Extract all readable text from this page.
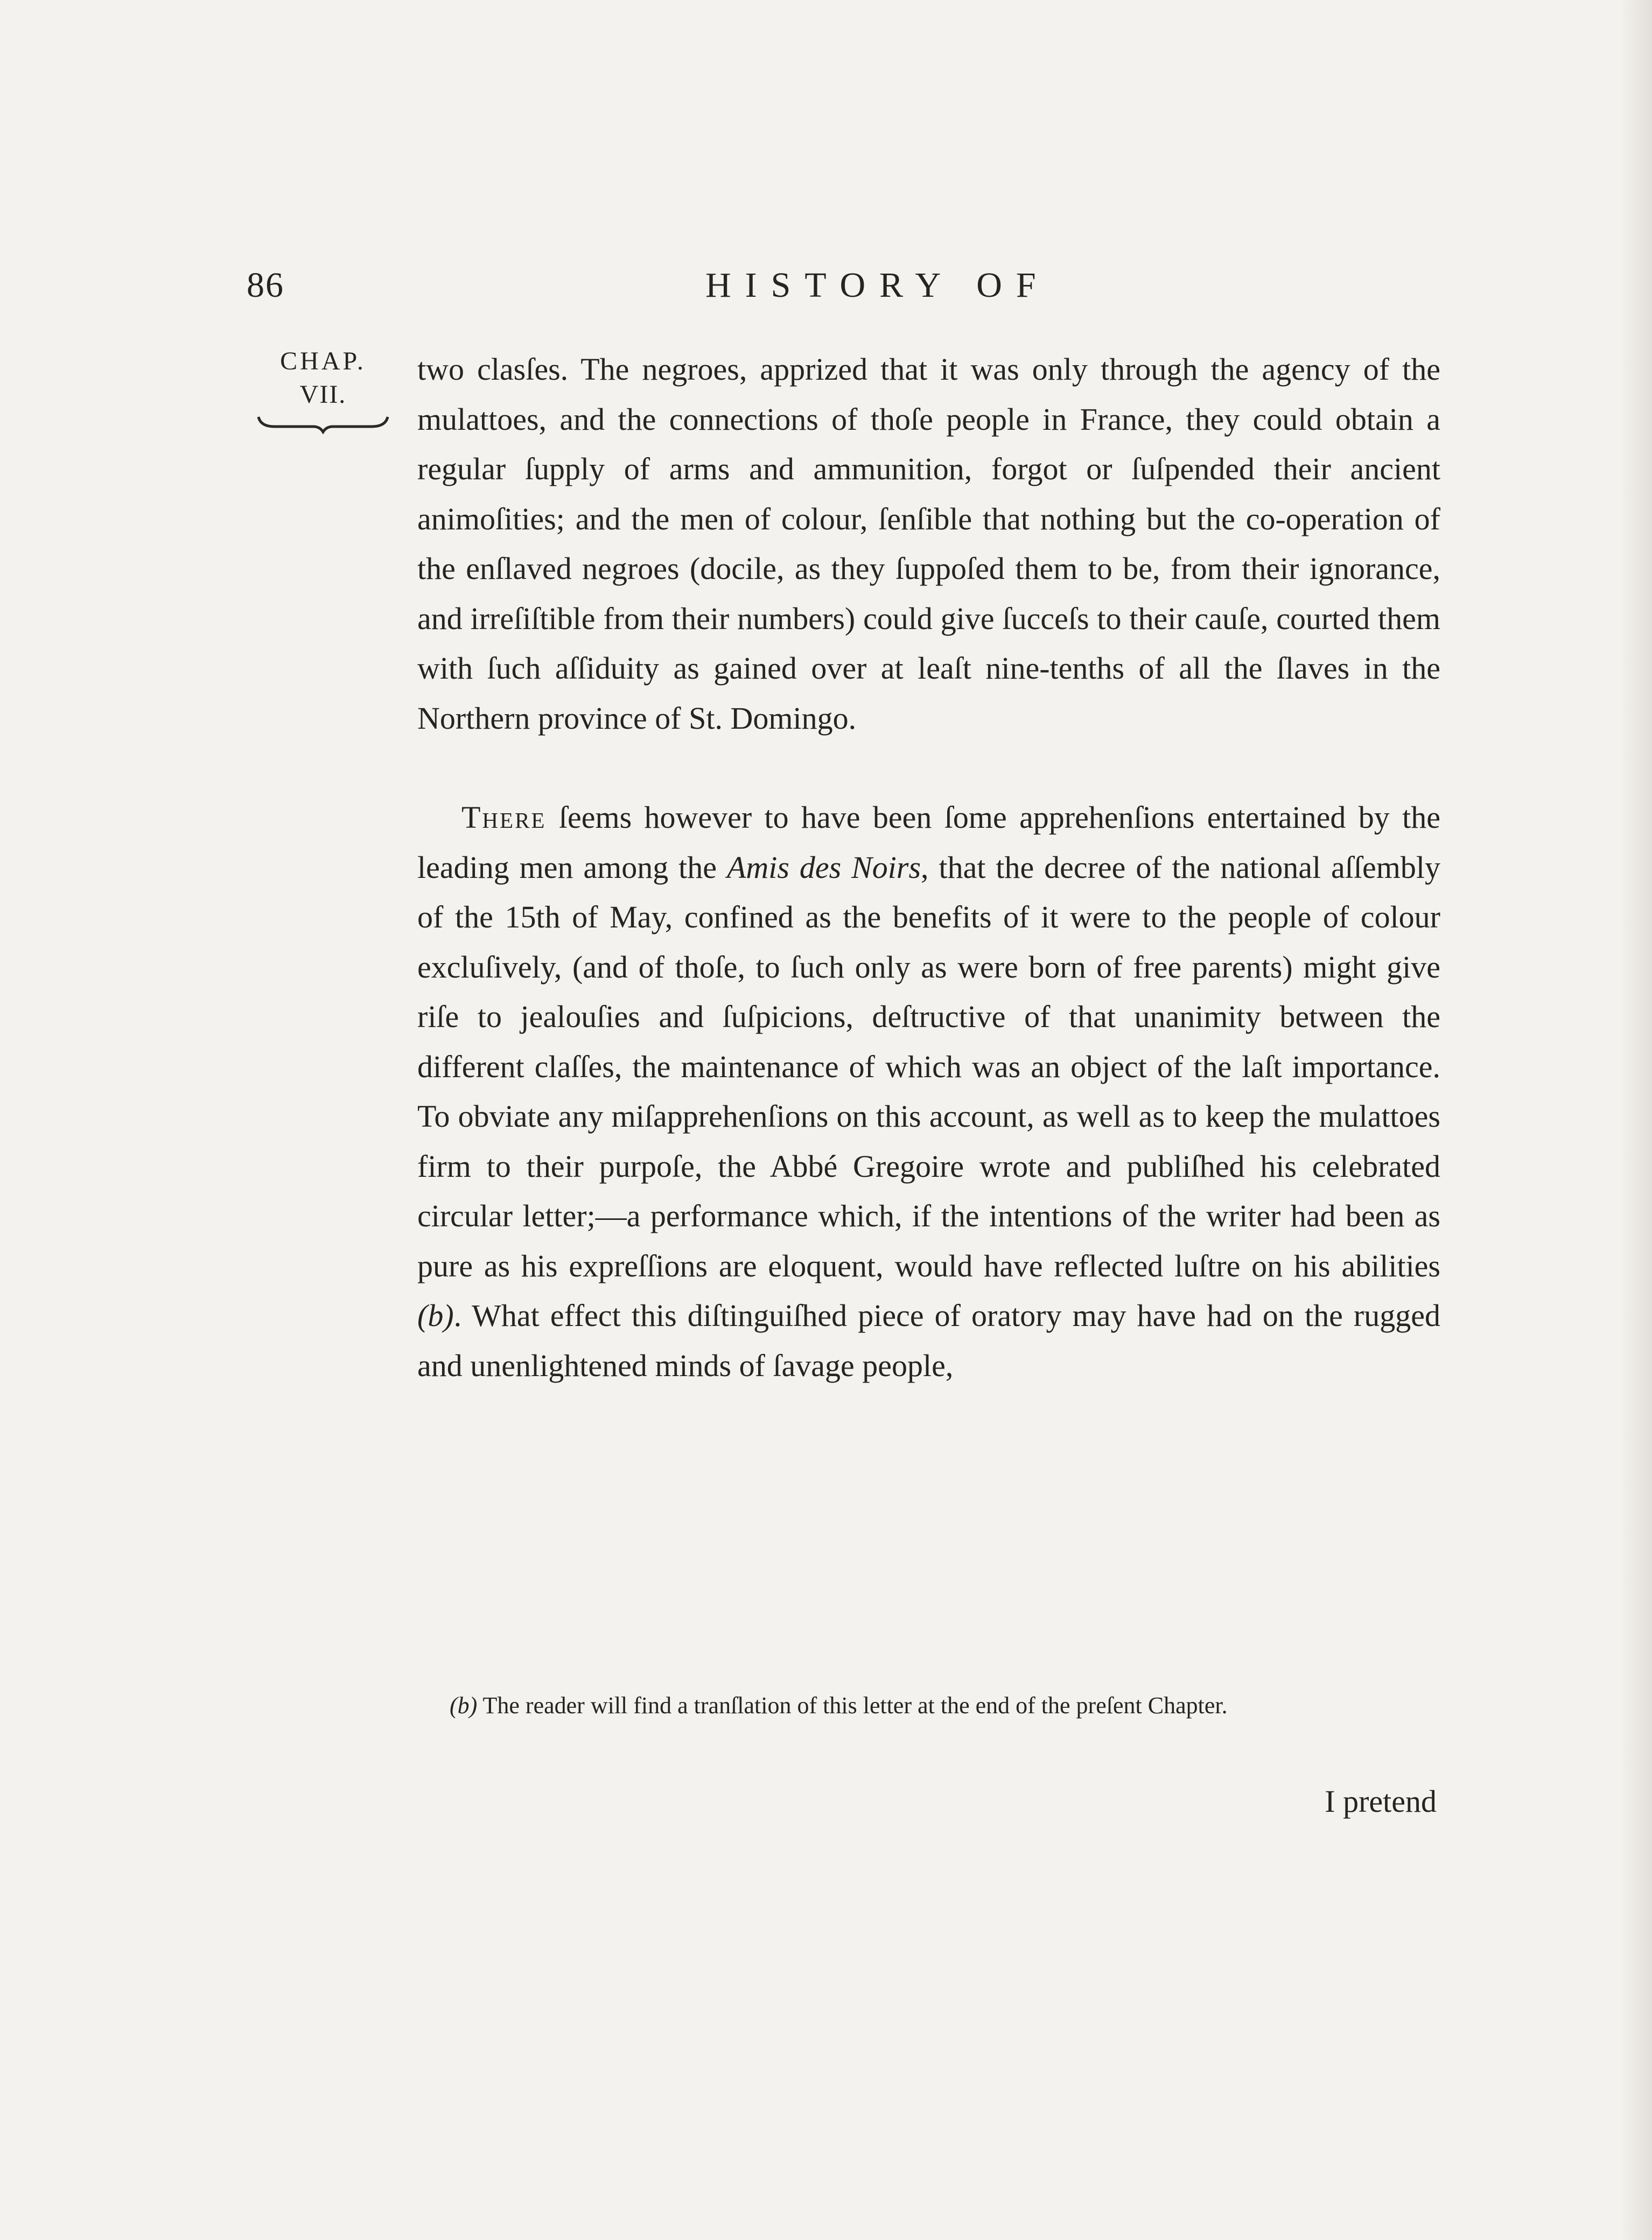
86	HISTORY OF
CHAP.
VII.

two clasſes. The negroes, apprized that it was only through the agency of the mulattoes, and the connections of thoſe people in France, they could obtain a regular ſupply of arms and ammunition, forgot or ſuſpended their ancient animoſities; and the men of colour, ſenſible that nothing but the co-operation of the enſlaved negroes (docile, as they ſuppoſed them to be, from their ignorance, and irreſiſtible from their numbers) could give ſucceſs to their cauſe, courted them with ſuch aſſiduity as gained over at leaſt nine-tenths of all the ſlaves in the Northern province of St. Domingo.

There ſeems however to have been ſome apprehenſions entertained by the leading men among the Amis des Noirs, that the decree of the national aſſembly of the 15th of May, confined as the benefits of it were to the people of colour excluſively, (and of thoſe, to ſuch only as were born of free parents) might give riſe to jealouſies and ſuſpicions, deſtructive of that unanimity between the different claſſes, the maintenance of which was an object of the laſt importance. To obviate any miſapprehenſions on this account, as well as to keep the mulattoes firm to their purpoſe, the Abbé Gregoire wrote and publiſhed his celebrated circular letter;—a performance which, if the intentions of the writer had been as pure as his expreſſions are eloquent, would have reflected luſtre on his abilities (b). What effect this diſtinguiſhed piece of oratory may have had on the rugged and unenlightened minds of ſavage people,

(b) The reader will find a tranſlation of this letter at the end of the preſent Chapter.
I pretend
